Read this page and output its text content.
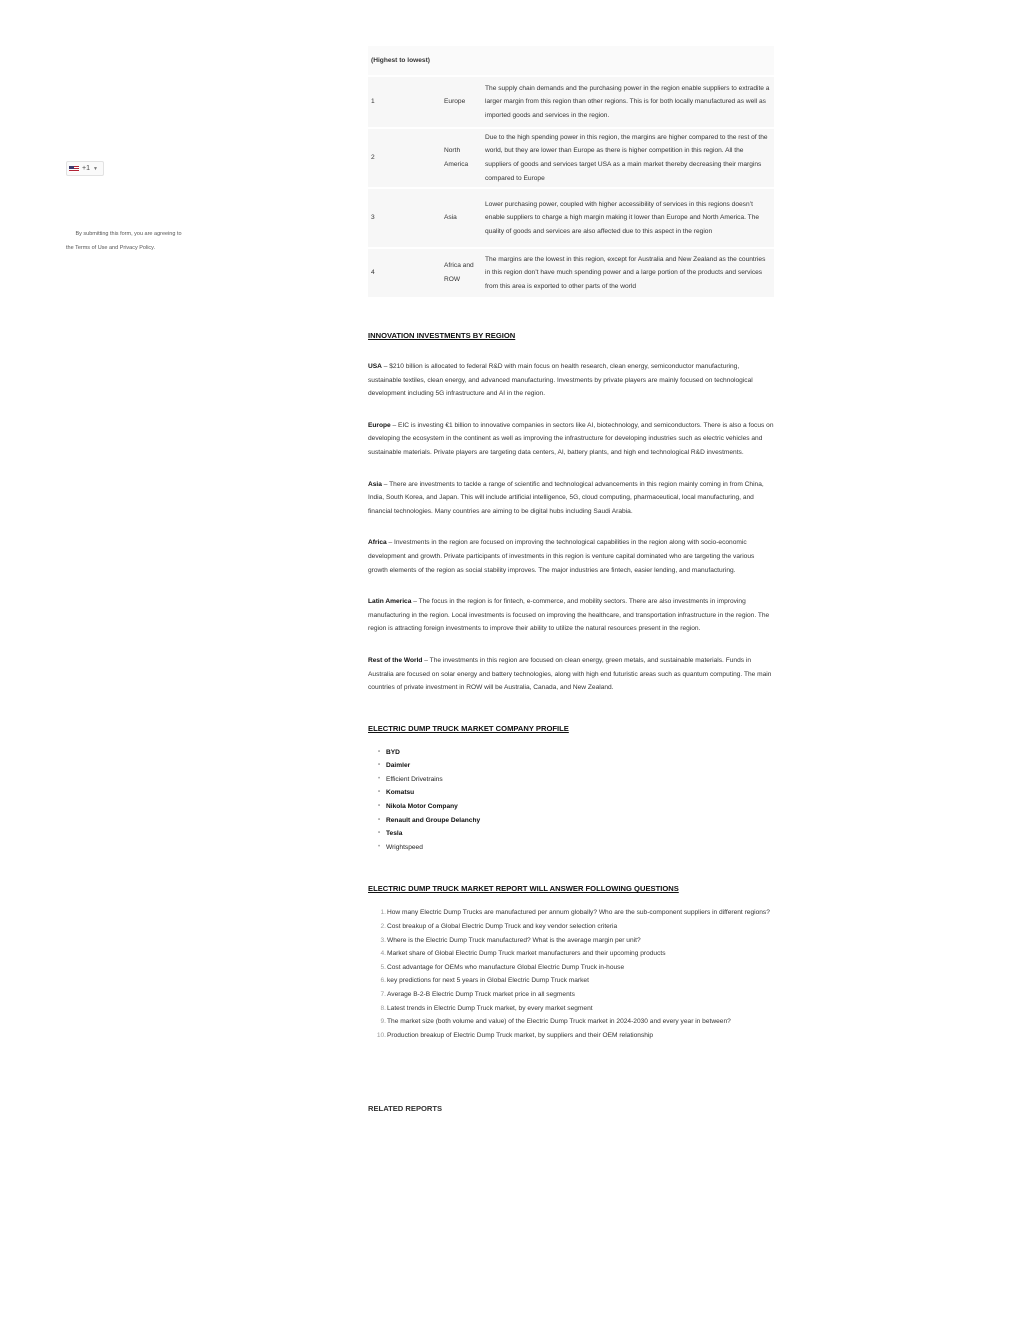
+1 ▼
By submitting this form, you are agreeing to
the Terms of Use and Privacy Policy.
(Highest to lowest)		
1	Europe	The supply chain demands and the purchasing power in the region enable suppliers to extradite a larger margin from this region than other regions. This is for both locally manufactured as well as imported goods and services in the region.
2	North America	Due to the high spending power in this region, the margins are higher compared to the rest of the world, but they are lower than Europe as there is higher competition in this region. All the suppliers of goods and services target USA as a main market thereby decreasing their margins compared to Europe
3	Asia	Lower purchasing power, coupled with higher accessibility of services in this regions doesn’t enable suppliers to charge a high margin making it lower than Europe and North America. The quality of goods and services are also affected due to this aspect in the region
4	Africa and ROW	The margins are the lowest in this region, except for Australia and New Zealand as the countries in this region don’t have much spending power and a large portion of the products and services from this area is exported to other parts of the world
INNOVATION INVESTMENTS BY REGION

USA – $210 billion is allocated to federal R&D with main focus on health research, clean energy, semiconductor manufacturing, sustainable textiles, clean energy, and advanced manufacturing. Investments by private players are mainly focused on technological development including 5G infrastructure and AI in the region.

Europe – EIC is investing €1 billion to innovative companies in sectors like AI, biotechnology, and semiconductors. There is also a focus on developing the ecosystem in the continent as well as improving the infrastructure for developing industries such as electric vehicles and sustainable materials. Private players are targeting data centers, AI, battery plants, and high end technological R&D investments.

Asia – There are investments to tackle a range of scientific and technological advancements in this region mainly coming in from China, India, South Korea, and Japan. This will include artificial intelligence, 5G, cloud computing, pharmaceutical, local manufacturing, and financial technologies. Many countries are aiming to be digital hubs including Saudi Arabia.

Africa – Investments in the region are focused on improving the technological capabilities in the region along with socio-economic development and growth. Private participants of investments in this region is venture capital dominated who are targeting the various growth elements of the region as social stability improves. The major industries are fintech, easier lending, and manufacturing.

Latin America – The focus in the region is for fintech, e-commerce, and mobility sectors. There are also investments in improving manufacturing in the region. Local investments is focused on improving the healthcare, and transportation infrastructure in the region. The region is attracting foreign investments to improve their ability to utilize the natural resources present in the region.

Rest of the World – The investments in this region are focused on clean energy, green metals, and sustainable materials. Funds in Australia are focused on solar energy and battery technologies, along with high end futuristic areas such as quantum computing. The main countries of private investment in ROW will be Australia, Canada, and New Zealand.

ELECTRIC DUMP TRUCK MARKET COMPANY PROFILE
• BYD
• Daimler
• Efficient Drivetrains
• Komatsu
• Nikola Motor Company
• Renault and Groupe Delanchy
• Tesla
• Wrightspeed
ELECTRIC DUMP TRUCK MARKET REPORT WILL ANSWER FOLLOWING QUESTIONS
1. How many Electric Dump Trucks are manufactured per annum globally? Who are the sub-component suppliers in different regions?
2. Cost breakup of a Global Electric Dump Truck and key vendor selection criteria
3. Where is the Electric Dump Truck manufactured? What is the average margin per unit?
4. Market share of Global Electric Dump Truck market manufacturers and their upcoming products
5. Cost advantage for OEMs who manufacture Global Electric Dump Truck in-house
6. key predictions for next 5 years in Global Electric Dump Truck market
7. Average B-2-B Electric Dump Truck market price in all segments
8. Latest trends in Electric Dump Truck market, by every market segment
9. The market size (both volume and value) of the Electric Dump Truck market in 2024-2030 and every year in between?
10. Production breakup of Electric Dump Truck market, by suppliers and their OEM relationship
RELATED REPORTS
